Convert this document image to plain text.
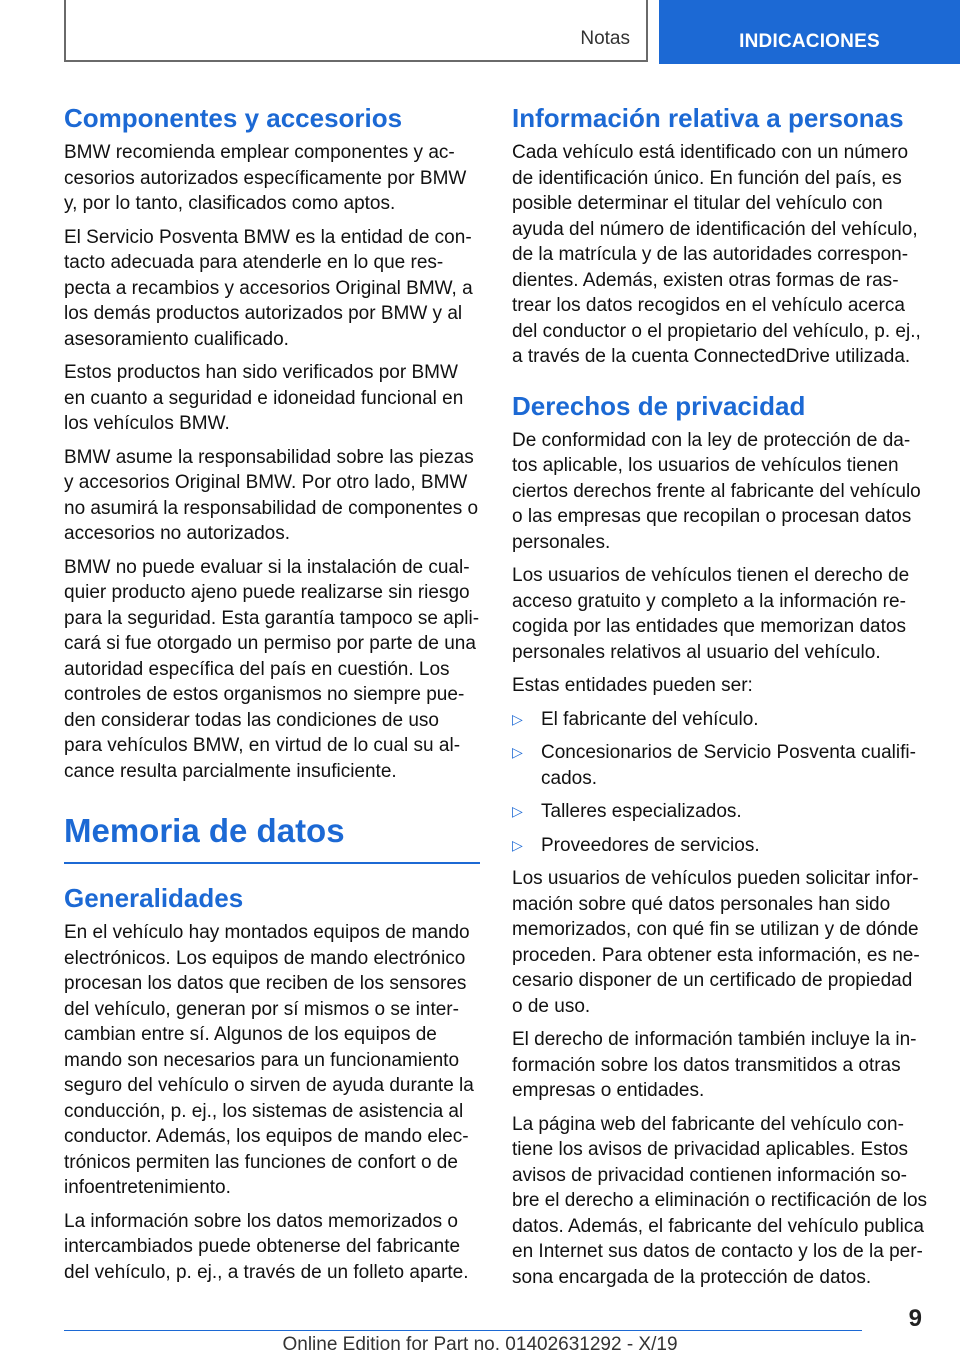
Notas	INDICACIONES
Componentes y accesorios

BMW recomienda emplear componentes y accesorios autorizados específicamente por BMW y, por lo tanto, clasificados como aptos.

El Servicio Posventa BMW es la entidad de contacto adecuada para atenderle en lo que respecta a recambios y accesorios Original BMW, a los demás productos autorizados por BMW y al asesoramiento cualificado.

Estos productos han sido verificados por BMW en cuanto a seguridad e idoneidad funcional en los vehículos BMW.

BMW asume la responsabilidad sobre las piezas y accesorios Original BMW. Por otro lado, BMW no asumirá la responsabilidad de componentes o accesorios no autorizados.

BMW no puede evaluar si la instalación de cualquier producto ajeno puede realizarse sin riesgo para la seguridad. Esta garantía tampoco se aplicará si fue otorgado un permiso por parte de una autoridad específica del país en cuestión. Los controles de estos organismos no siempre pueden considerar todas las condiciones de uso para vehículos BMW, en virtud de lo cual su alcance resulta parcialmente insuficiente.

Memoria de datos
Generalidades

En el vehículo hay montados equipos de mando electrónicos. Los equipos de mando electrónico procesan los datos que reciben de los sensores del vehículo, generan por sí mismos o se intercambian entre sí. Algunos de los equipos de mando son necesarios para un funcionamiento seguro del vehículo o sirven de ayuda durante la conducción, p. ej., los sistemas de asistencia al conductor. Además, los equipos de mando electrónicos permiten las funciones de confort o de infoentretenimiento.

La información sobre los datos memorizados o intercambiados puede obtenerse del fabricante del vehículo, p. ej., a través de un folleto aparte.

Información relativa a personas

Cada vehículo está identificado con un número de identificación único. En función del país, es posible determinar el titular del vehículo con ayuda del número de identificación del vehículo, de la matrícula y de las autoridades correspondientes. Además, existen otras formas de rastrear los datos recogidos en el vehículo acerca del conductor o el propietario del vehículo, p. ej., a través de la cuenta ConnectedDrive utilizada.

Derechos de privacidad

De conformidad con la ley de protección de datos aplicable, los usuarios de vehículos tienen ciertos derechos frente al fabricante del vehículo o las empresas que recopilan o procesan datos personales.

Los usuarios de vehículos tienen el derecho de acceso gratuito y completo a la información recogida por las entidades que memorizan datos personales relativos al usuario del vehículo.

Estas entidades pueden ser:

▷ El fabricante del vehículo.
▷ Concesionarios de Servicio Posventa cualificados.
▷ Talleres especializados.
▷ Proveedores de servicios.

Los usuarios de vehículos pueden solicitar información sobre qué datos personales han sido memorizados, con qué fin se utilizan y de dónde proceden. Para obtener esta información, es necesario disponer de un certificado de propiedad o de uso.

El derecho de información también incluye la información sobre los datos transmitidos a otras empresas o entidades.

La página web del fabricante del vehículo contiene los avisos de privacidad aplicables. Estos avisos de privacidad contienen información sobre el derecho a eliminación o rectificación de los datos. Además, el fabricante del vehículo publica en Internet sus datos de contacto y los de la persona encargada de la protección de datos.

9
Online Edition for Part no. 01402631292 - X/19
